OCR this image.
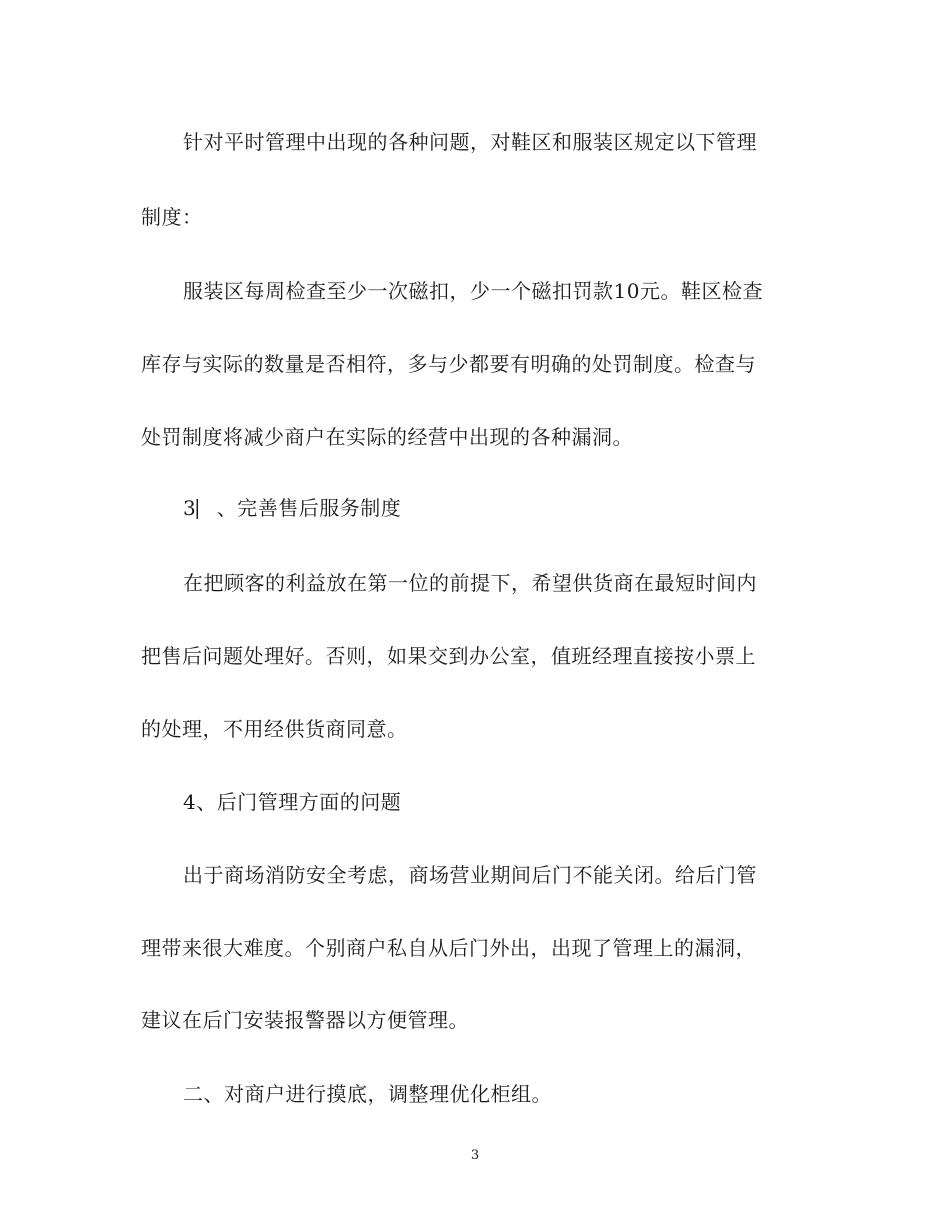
针对平时管理中出现的各种问题，对鞋区和服装区规定以下管理
制度：
服装区每周检查至少一次磁扣，少一个磁扣罚款10元。鞋区检查
库存与实际的数量是否相符，多与少都要有明确的处罚制度。检查与
处罚制度将减少商户在实际的经营中出现的各种漏洞。
3⎸、完善售后服务制度
在把顾客的利益放在第一位的前提下，希望供货商在最短时间内
把售后问题处理好。否则，如果交到办公室，值班经理直接按小票上
的处理，不用经供货商同意。
4、后门管理方面的问题
出于商场消防安全考虑，商场营业期间后门不能关闭。给后门管
理带来很大难度。个别商户私自从后门外出，出现了管理上的漏洞，
建议在后门安装报警器以方便管理。
二、对商户进行摸底，调整理优化柜组。
3
